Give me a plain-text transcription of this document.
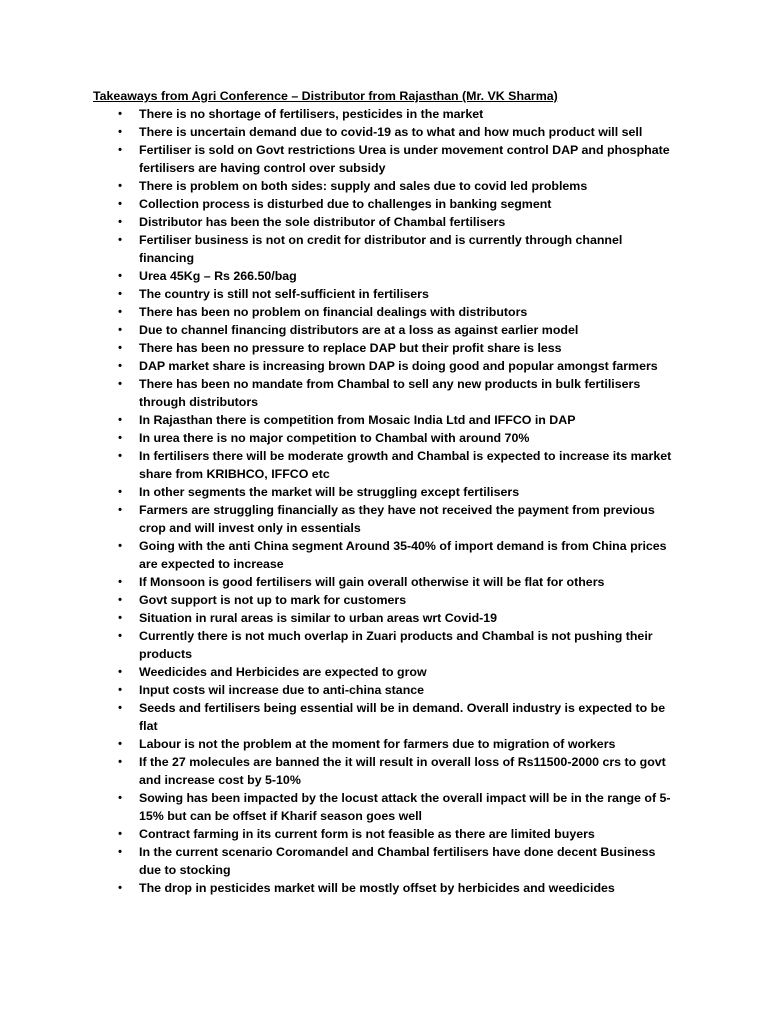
Takeaways from Agri Conference – Distributor from Rajasthan (Mr. VK Sharma)
• There is no shortage of fertilisers, pesticides in the market
• There is uncertain demand due to covid-19 as to what and how much product will sell
• Fertiliser is sold on Govt restrictions Urea is under movement control DAP and phosphate fertilisers are having control over subsidy
• There is problem on both sides: supply and sales due to covid led problems
• Collection process is disturbed due to challenges in banking segment
• Distributor has been the sole distributor of Chambal fertilisers
• Fertiliser business is not on credit for distributor and is currently through channel financing
• Urea 45Kg – Rs 266.50/bag
• The country is still not self-sufficient in fertilisers
• There has been no problem on financial dealings with distributors
• Due to channel financing distributors are at a loss as against earlier model
• There has been no pressure to replace DAP but their profit share is less
• DAP market share is increasing brown DAP is doing good and popular amongst farmers
• There has been no mandate from Chambal to sell any new products in bulk fertilisers through distributors
• In Rajasthan there is competition from Mosaic India Ltd and IFFCO in DAP
• In urea there is no major competition to Chambal with around 70%
• In fertilisers there will be moderate growth and Chambal is expected to increase its market share from KRIBHCO, IFFCO etc
• In other segments the market will be struggling except fertilisers
• Farmers are struggling financially as they have not received the payment from previous crop and will invest only in essentials
• Going with the anti China segment Around 35-40% of import demand is from China prices are expected to increase
• If Monsoon is good fertilisers will gain overall otherwise it will be flat for others
• Govt support is not up to mark for customers
• Situation in rural areas is similar to urban areas wrt Covid-19
• Currently there is not much overlap in Zuari products and Chambal is not pushing their products
• Weedicides and Herbicides are expected to grow
• Input costs wil increase due to anti-china stance
• Seeds and fertilisers being essential will be in demand. Overall industry is expected to be flat
• Labour is not the problem at the moment for farmers due to migration of workers
• If the 27 molecules are banned the it will result in overall loss of Rs11500-2000 crs to govt and increase cost by 5-10%
• Sowing has been impacted by the locust attack the overall impact will be in the range of 5-15% but can be offset if Kharif season goes well
• Contract farming in its current form is not feasible as there are limited buyers
• In the current scenario Coromandel and Chambal fertilisers have done decent Business due to stocking
• The drop in pesticides market will be mostly offset by herbicides and weedicides
